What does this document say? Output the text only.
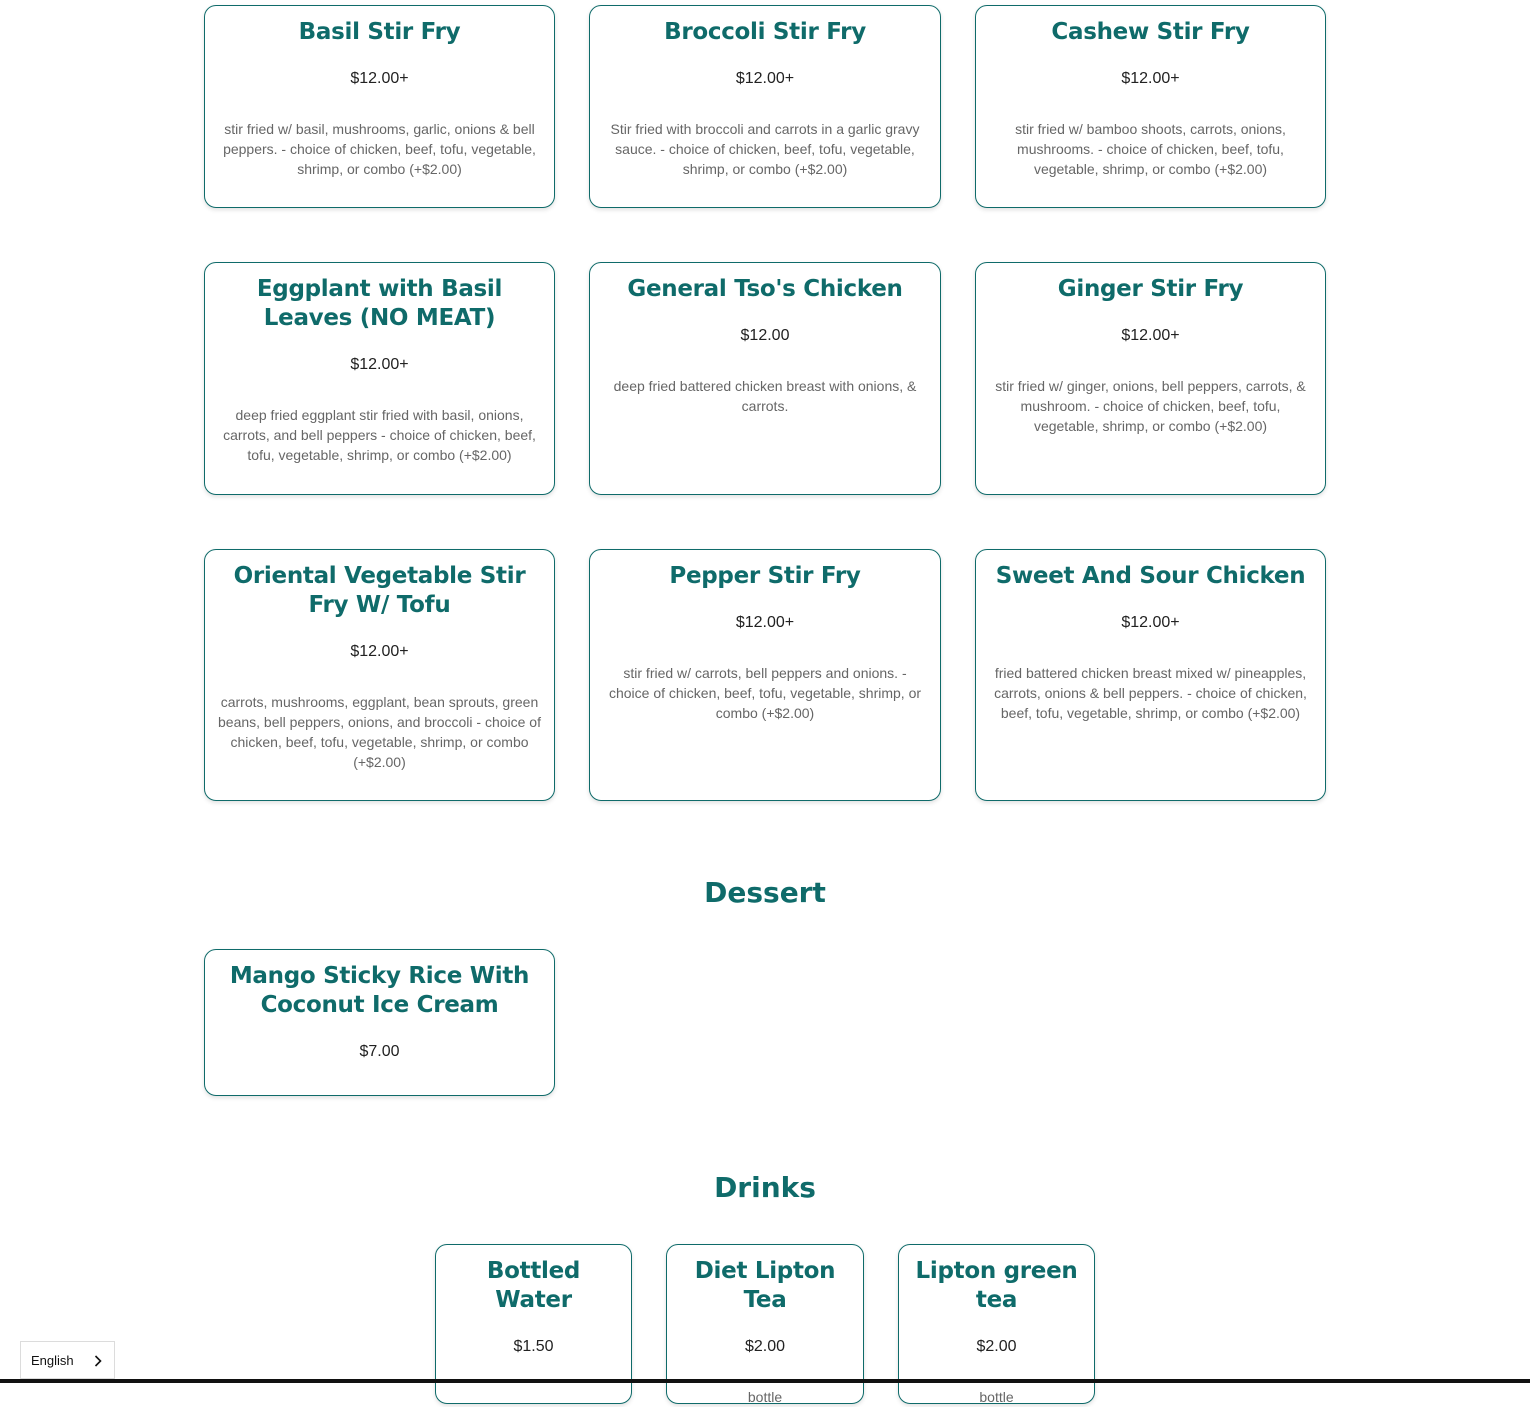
Basil Stir Fry
$12.00+
stir fried w/ basil, mushrooms, garlic, onions & bell peppers. - choice of chicken, beef, tofu, vegetable, shrimp, or combo (+$2.00)
Broccoli Stir Fry
$12.00+
Stir fried with broccoli and carrots in a garlic gravy sauce. - choice of chicken, beef, tofu, vegetable, shrimp, or combo (+$2.00)
Cashew Stir Fry
$12.00+
stir fried w/ bamboo shoots, carrots, onions, mushrooms. - choice of chicken, beef, tofu, vegetable, shrimp, or combo (+$2.00)
Eggplant with Basil Leaves (NO MEAT)
$12.00+
deep fried eggplant stir fried with basil, onions, carrots, and bell peppers - choice of chicken, beef, tofu, vegetable, shrimp, or combo (+$2.00)
General Tso's Chicken
$12.00
deep fried battered chicken breast with onions, & carrots.
Ginger Stir Fry
$12.00+
stir fried w/ ginger, onions, bell peppers, carrots, & mushroom. - choice of chicken, beef, tofu, vegetable, shrimp, or combo (+$2.00)
Oriental Vegetable Stir Fry W/ Tofu
$12.00+
carrots, mushrooms, eggplant, bean sprouts, green beans, bell peppers, onions, and broccoli - choice of chicken, beef, tofu, vegetable, shrimp, or combo (+$2.00)
Pepper Stir Fry
$12.00+
stir fried w/ carrots, bell peppers and onions. - choice of chicken, beef, tofu, vegetable, shrimp, or combo (+$2.00)
Sweet And Sour Chicken
$12.00+
fried battered chicken breast mixed w/ pineapples, carrots, onions & bell peppers. - choice of chicken, beef, tofu, vegetable, shrimp, or combo (+$2.00)
Dessert
Mango Sticky Rice With Coconut Ice Cream
$7.00
Drinks
Bottled Water
$1.50
Diet Lipton Tea
$2.00
bottle
Lipton green tea
$2.00
bottle
English
